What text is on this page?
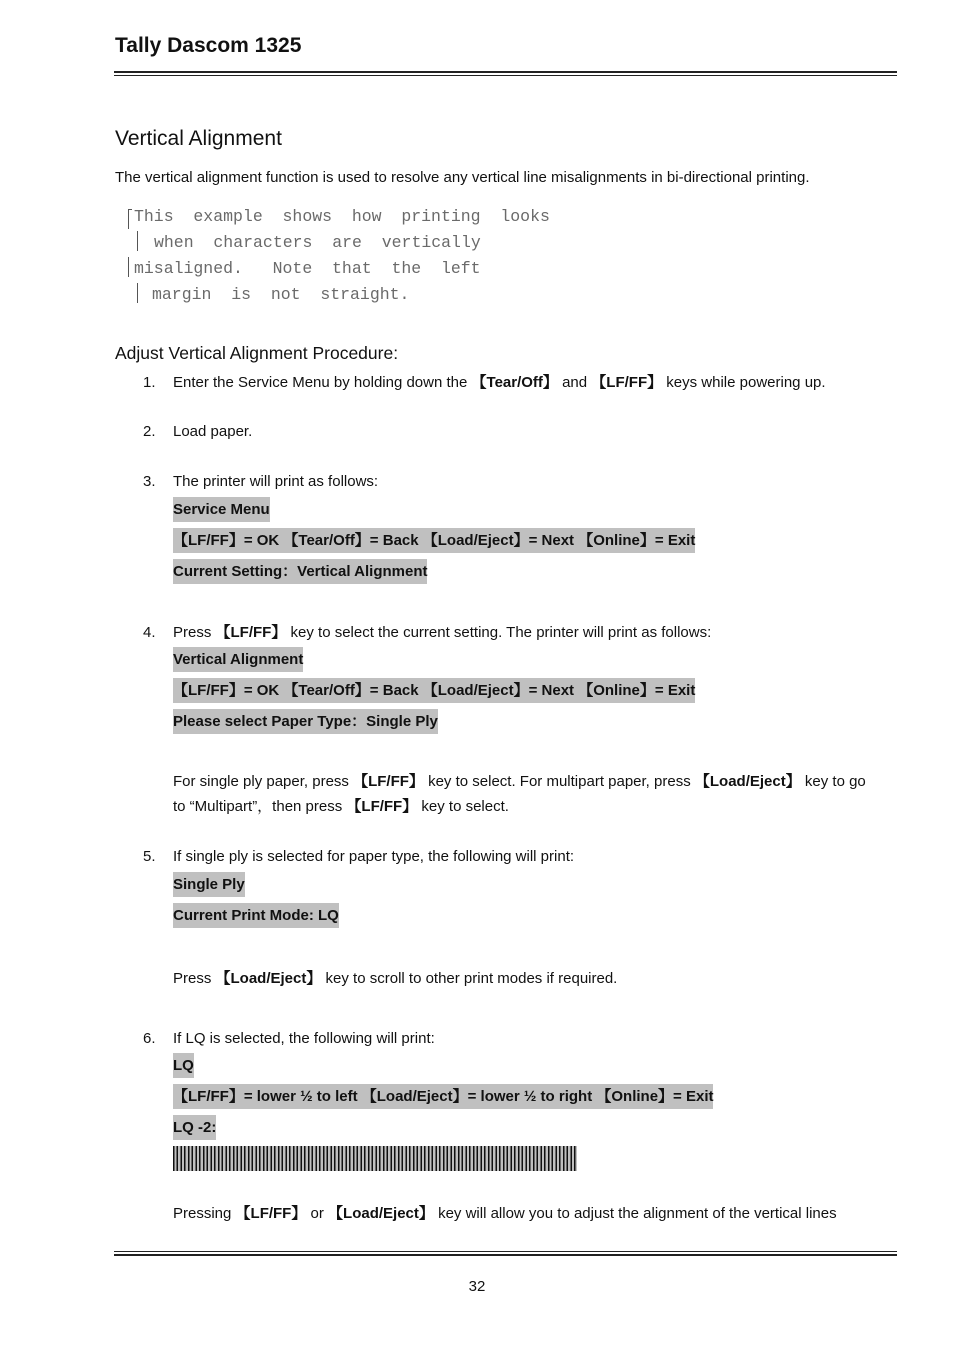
Tally Dascom 1325
Vertical Alignment
The vertical alignment function is used to resolve any vertical line misalignments in bi-directional printing.
This  example  shows  how  printing  looks
when  characters  are  vertically
misaligned.   Note  that  the  left
margin  is  not  straight.
Adjust Vertical Alignment Procedure:
1. Enter the Service Menu by holding down the 【Tear/Off】 and 【LF/FF】 keys while powering up.
2. Load paper.
3. The printer will print as follows:
Service Menu
【LF/FF】= OK 【Tear/Off】= Back 【Load/Eject】= Next 【Online】= Exit
Current Setting：Vertical Alignment
4. Press 【LF/FF】 key to select the current setting. The printer will print as follows:
Vertical Alignment
【LF/FF】= OK 【Tear/Off】= Back 【Load/Eject】= Next 【Online】= Exit
Please select Paper Type：Single Ply
For single ply paper, press 【LF/FF】 key to select. For multipart paper, press 【Load/Eject】 key to go
to “Multipart”，then press 【LF/FF】 key to select.
5. If single ply is selected for paper type, the following will print:
Single Ply
Current Print Mode: LQ
Press 【Load/Eject】 key to scroll to other print modes if required.
6. If LQ is selected, the following will print:
LQ
【LF/FF】= lower ½ to left 【Load/Eject】= lower ½ to right 【Online】= Exit
LQ -2:
Pressing 【LF/FF】 or 【Load/Eject】 key will allow you to adjust the alignment of the vertical lines
32
